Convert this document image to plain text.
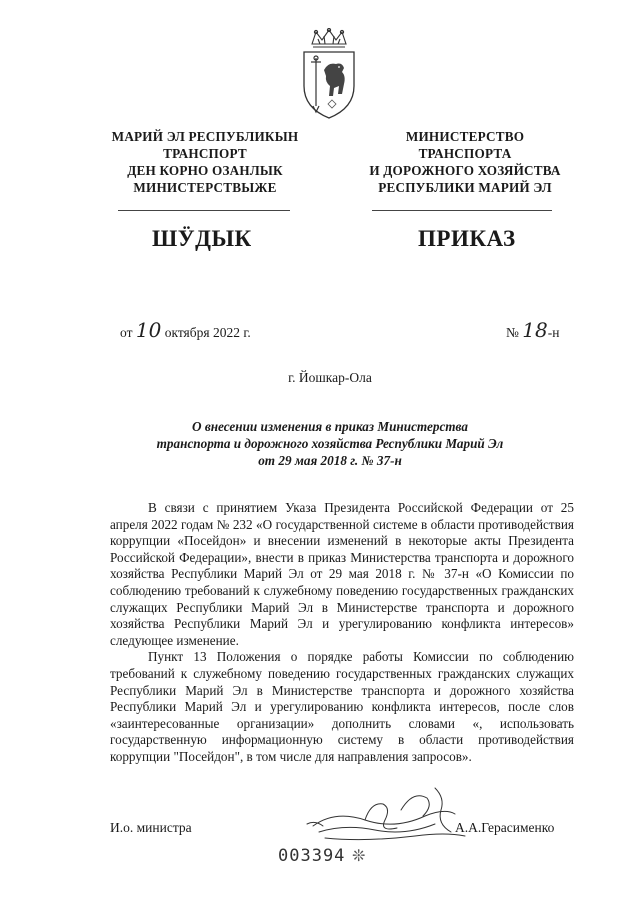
МАРИЙ ЭЛ РЕСПУБЛИКЫН
ТРАНСПОРТ
ДЕН КОРНО ОЗАНЛЫК
МИНИСТЕРСТВЫЖЕ
МИНИСТЕРСТВО
ТРАНСПОРТА
И ДОРОЖНОГО ХОЗЯЙСТВА
РЕСПУБЛИКИ МАРИЙ ЭЛ
ШӰДЫК	ПРИКАЗ
от 10 октября 2022 г.	№ 18-н
г. Йошкар-Ола
О внесении изменения в приказ Министерства
транспорта и дорожного хозяйства Республики Марий Эл
от 29 мая 2018 г. № 37-н

В связи с принятием Указа Президента Российской Федерации от 25 апреля 2022 годам № 232 «О государственной системе в области противодействия коррупции «Посейдон» и внесении изменений в некоторые акты Президента Российской Федерации», внести в приказ Министерства транспорта и дорожного хозяйства Республики Марий Эл от 29 мая 2018 г. № 37-н «О Комиссии по соблюдению требований к служебному поведению государственных гражданских служащих Республики Марий Эл в Министерстве транспорта и дорожного хозяйства Республики Марий Эл и урегулированию конфликта интересов» следующее изменение.

Пункт 13 Положения о порядке работы Комиссии по соблюдению требований к служебному поведению государственных гражданских служащих Республики Марий Эл в Министерстве транспорта и дорожного хозяйства Республики Марий Эл и урегулированию конфликта интересов, после слов «заинтересованные организации» дополнить словами «, использовать государственную информационную систему в области противодействия коррупции "Посейдон", в том числе для направления запросов».

И.о. министра	А.А.Герасименко
003394 ❊
